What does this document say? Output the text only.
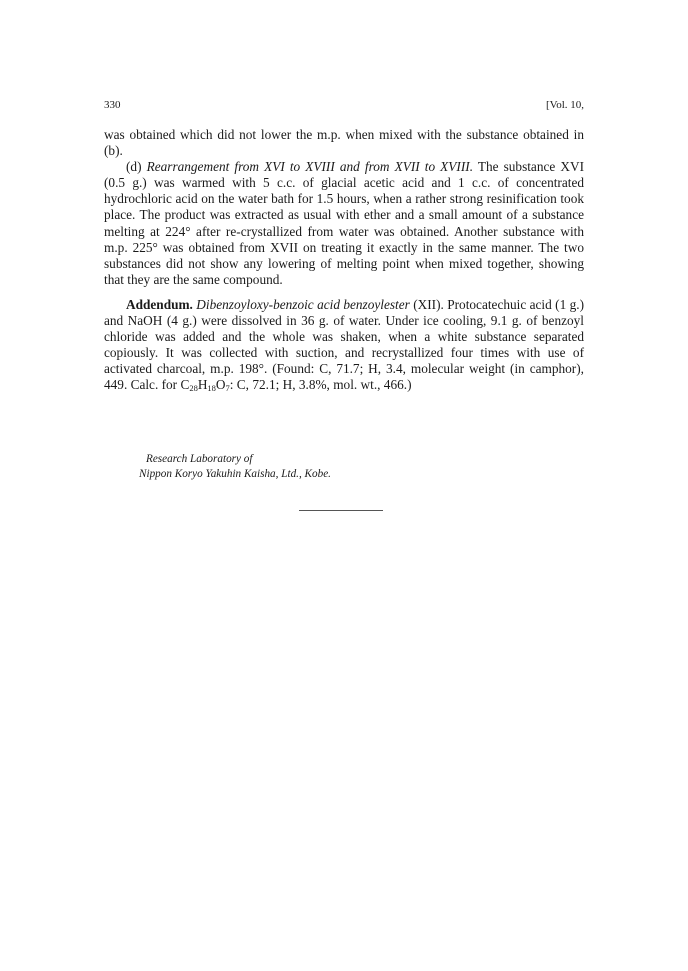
330	[Vol. 10,

was obtained which did not lower the m.p. when mixed with the substance obtained in (b).

(d) Rearrangement from XVI to XVIII and from XVII to XVIII. The substance XVI (0.5 g.) was warmed with 5 c.c. of glacial acetic acid and 1 c.c. of concentrated hydrochloric acid on the water bath for 1.5 hours, when a rather strong resinification took place. The product was extracted as usual with ether and a small amount of a substance melting at 224° after re-crystallized from water was obtained. Another substance with m.p. 225° was obtained from XVII on treating it exactly in the same manner. The two substances did not show any lowering of melting point when mixed together, showing that they are the same compound.

Addendum. Dibenzoyloxy-benzoic acid benzoylester (XII). Protocatechuic acid (1 g.) and NaOH (4 g.) were dissolved in 36 g. of water. Under ice cooling, 9.1 g. of benzoyl chloride was added and the whole was shaken, when a white substance separated copiously. It was collected with suction, and recrystallized four times with use of activated charcoal, m.p. 198°. (Found: C, 71.7; H, 3.4, molecular weight (in camphor), 449. Calc. for $C_{28}H_{18}O_7$: C, 72.1; H, 3.8%, mol. wt., 466.)

Research Laboratory of
Nippon Koryo Yakuhin Kaisha, Ltd., Kobe.
